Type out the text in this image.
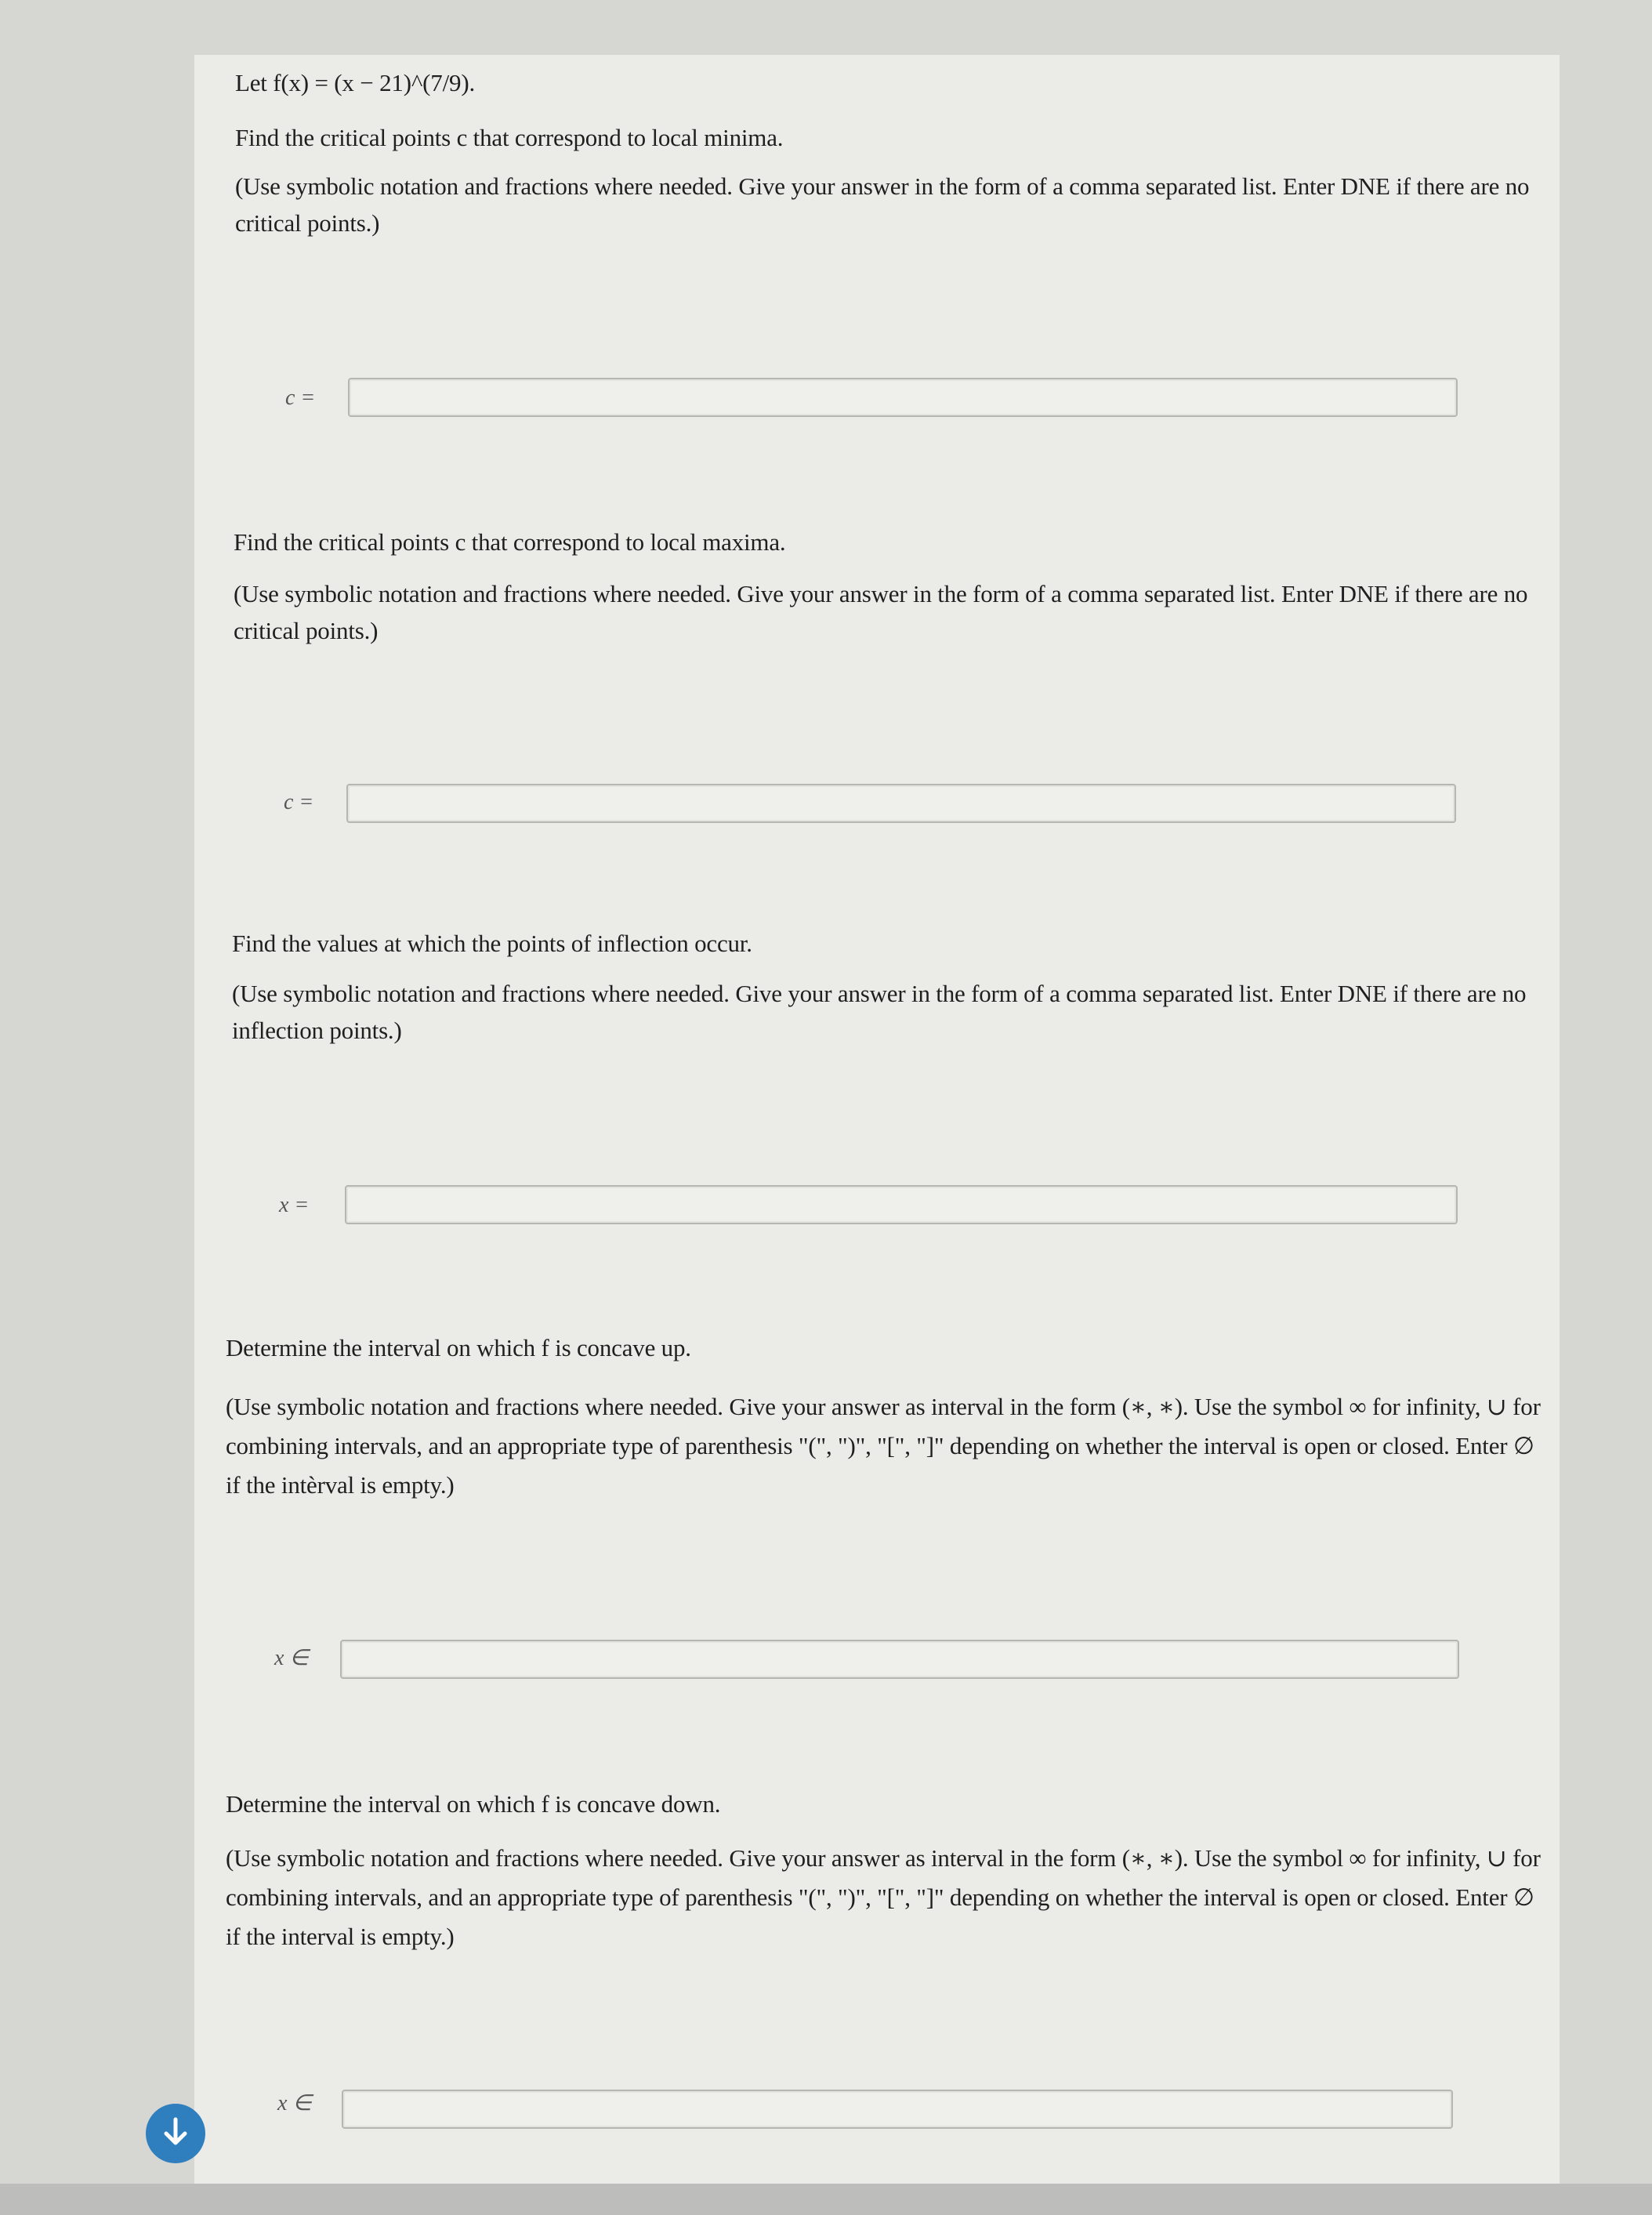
Let f(x) = (x − 21)^(7/9).

Find the critical points c that correspond to local minima.

(Use symbolic notation and fractions where needed. Give your answer in the form of a comma separated list. Enter DNE if there are no critical points.)

c =

Find the critical points c that correspond to local maxima.

(Use symbolic notation and fractions where needed. Give your answer in the form of a comma separated list. Enter DNE if there are no critical points.)

c =

Find the values at which the points of inflection occur.

(Use symbolic notation and fractions where needed. Give your answer in the form of a comma separated list. Enter DNE if there are no inflection points.)

x =

Determine the interval on which f is concave up.

(Use symbolic notation and fractions where needed. Give your answer as interval in the form (∗, ∗). Use the symbol ∞ for infinity, ∪ for combining intervals, and an appropriate type of parenthesis "(", ")", "[", "]" depending on whether the interval is open or closed. Enter ∅ if the intèrval is empty.)

x ∈

Determine the interval on which f is concave down.

(Use symbolic notation and fractions where needed. Give your answer as interval in the form (∗, ∗). Use the symbol ∞ for infinity, ∪ for combining intervals, and an appropriate type of parenthesis "(", ")", "[", "]" depending on whether the interval is open or closed. Enter ∅ if the interval is empty.)

x ∈
